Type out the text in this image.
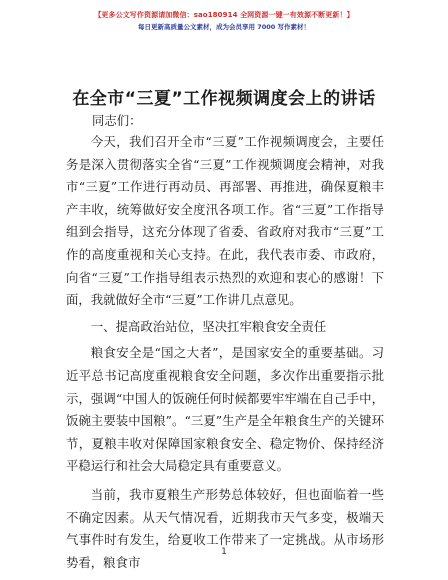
【更多公文写作资源请加微信：sao180914 全网资源一键一有效源不断更新！】
每日更新高质量公文素材，成为会员享用 7000 写作素材！
在全市“三夏”工作视频调度会上的讲话
同志们：
今天，我们召开全市“三夏”工作视频调度会，主要任务是深入贯彻落实全省“三夏”工作视频调度会精神，对我市“三夏”工作进行再动员、再部署、再推进，确保夏粮丰产丰收，统筹做好安全度汛各项工作。省“三夏”工作指导组到会指导，这充分体现了省委、省政府对我市“三夏”工作的高度重视和关心支持。在此，我代表市委、市政府，向省“三夏”工作指导组表示热烈的欢迎和衷心的感谢！下面，我就做好全市“三夏”工作讲几点意见。
一、提高政治站位，坚决扛牢粮食安全责任
粮食安全是“国之大者”，是国家安全的重要基础。习近平总书记高度重视粮食安全问题，多次作出重要指示批示，强调“中国人的饭碗任何时候都要牢牢端在自己手中，饭碗主要装中国粮”。“三夏”生产是全年粮食生产的关键环节，夏粮丰收对保障国家粮食安全、稳定物价、保持经济平稳运行和社会大局稳定具有重要意义。
当前，我市夏粮生产形势总体较好，但也面临着一些不确定因素。从天气情况看，近期我市天气多变，极端天气事件时有发生，给夏收工作带来了一定挑战。从市场形势看，粮食市
1
